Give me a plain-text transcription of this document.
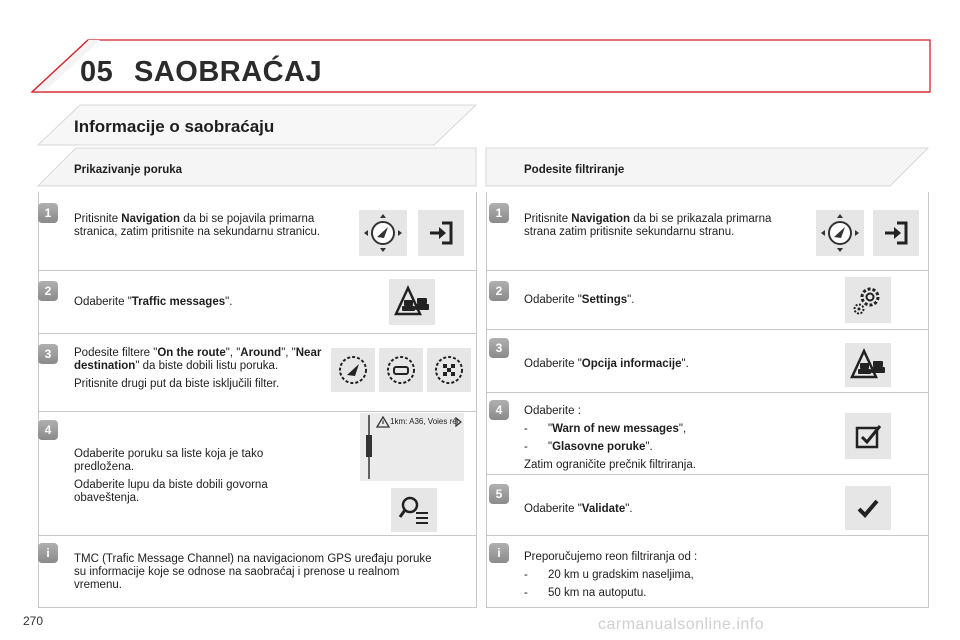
05 SAOBRAĆAJ
Informacije o saobraćaju
Prikazivanje poruka	Podesite filtriranje
1	Pritisnite Navigation da bi se pojavila primarna stranica, zatim pritisnite na sekundarnu stranicu.
2
Odaberite "Traffic messages".
3	Podesite filtere "On the route", "Around", "Near destination" da biste dobili listu poruka.

Pritisnite drugi put da biste isključili filter.

4

Odaberite poruku sa liste koja je tako predložena.

Odaberite lupu da biste dobili govorna obaveštenja.

1km: A36, Voies rét
i	TMC (Trafic Message Channel) na navigacionom GPS uređaju poruke su informacije koje se odnose na saobraćaj i prenose u realnom vremenu.
1	Pritisnite Navigation da bi se prikazala primarna strana zatim pritisnite sekundarnu stranu.
2
Odaberite "Settings".
3
Odaberite "Opcija informacije".
4	Odaberite :

-	"Warn of new messages",

-	"Glasovne poruke".

Zatim ograničite prečnik filtriranja.

5
Odaberite "Validate".
i	Preporučujemo reon filtriranja od :

-	20 km u gradskim naseljima,

-	50 km na autoputu.

270	carmanualsonline.info
